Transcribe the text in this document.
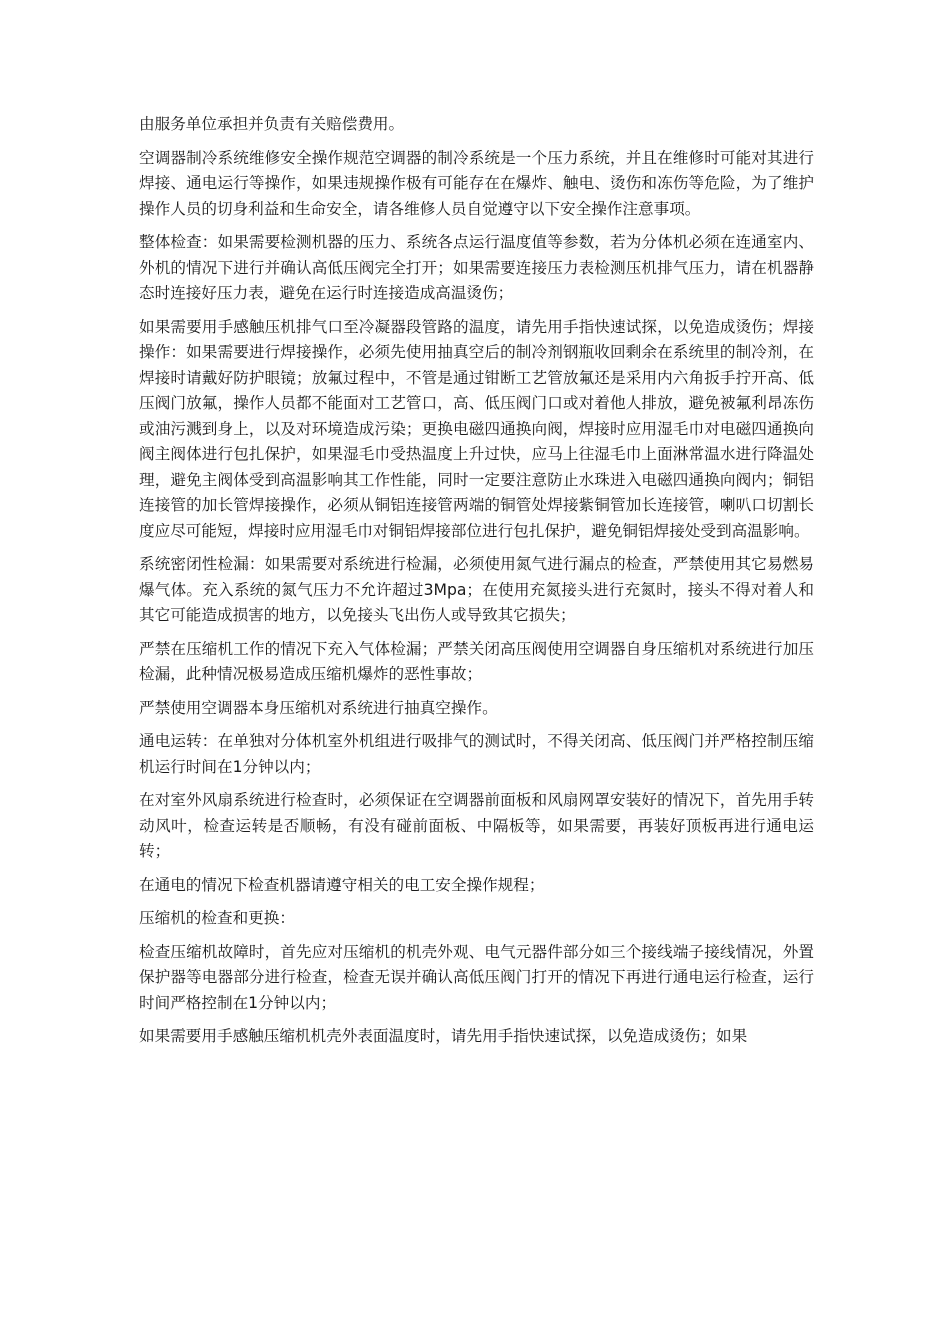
由服务单位承担并负责有关赔偿费用。

空调器制冷系统维修安全操作规范空调器的制冷系统是一个压力系统，并且在维修时可能对其进行焊接、通电运行等操作，如果违规操作极有可能存在在爆炸、触电、烫伤和冻伤等危险，为了维护操作人员的切身利益和生命安全，请各维修人员自觉遵守以下安全操作注意事项。

整体检查：如果需要检测机器的压力、系统各点运行温度值等参数，若为分体机必须在连通室内、外机的情况下进行并确认高低压阀完全打开；如果需要连接压力表检测压机排气压力，请在机器静态时连接好压力表，避免在运行时连接造成高温烫伤；

如果需要用手感触压机排气口至冷凝器段管路的温度，请先用手指快速试探，以免造成烫伤；焊接操作：如果需要进行焊接操作，必须先使用抽真空后的制冷剂钢瓶收回剩余在系统里的制冷剂，在焊接时请戴好防护眼镜；放氟过程中，不管是通过钳断工艺管放氟还是采用内六角扳手拧开高、低压阀门放氟，操作人员都不能面对工艺管口，高、低压阀门口或对着他人排放，避免被氟利昂冻伤或油污溅到身上，以及对环境造成污染；更换电磁四通换向阀，焊接时应用湿毛巾对电磁四通换向阀主阀体进行包扎保护，如果湿毛巾受热温度上升过快，应马上往湿毛巾上面淋常温水进行降温处理，避免主阀体受到高温影响其工作性能，同时一定要注意防止水珠进入电磁四通换向阀内；铜铝连接管的加长管焊接操作，必须从铜铝连接管两端的铜管处焊接紫铜管加长连接管，喇叭口切割长度应尽可能短，焊接时应用湿毛巾对铜铝焊接部位进行包扎保护，避免铜铝焊接处受到高温影响。

系统密闭性检漏：如果需要对系统进行检漏，必须使用氮气进行漏点的检查，严禁使用其它易燃易爆气体。充入系统的氮气压力不允许超过3Mpa；在使用充氮接头进行充氮时，接头不得对着人和其它可能造成损害的地方，以免接头飞出伤人或导致其它损失；

严禁在压缩机工作的情况下充入气体检漏；严禁关闭高压阀使用空调器自身压缩机对系统进行加压检漏，此种情况极易造成压缩机爆炸的恶性事故；

严禁使用空调器本身压缩机对系统进行抽真空操作。

通电运转：在单独对分体机室外机组进行吸排气的测试时，不得关闭高、低压阀门并严格控制压缩机运行时间在1分钟以内；

在对室外风扇系统进行检查时，必须保证在空调器前面板和风扇网罩安装好的情况下，首先用手转动风叶，检查运转是否顺畅，有没有碰前面板、中隔板等，如果需要，再装好顶板再进行通电运转；

在通电的情况下检查机器请遵守相关的电工安全操作规程；

压缩机的检查和更换：

检查压缩机故障时，首先应对压缩机的机壳外观、电气元器件部分如三个接线端子接线情况，外置保护器等电器部分进行检查，检查无误并确认高低压阀门打开的情况下再进行通电运行检查，运行时间严格控制在1分钟以内；

如果需要用手感触压缩机机壳外表面温度时，请先用手指快速试探，以免造成烫伤；如果
